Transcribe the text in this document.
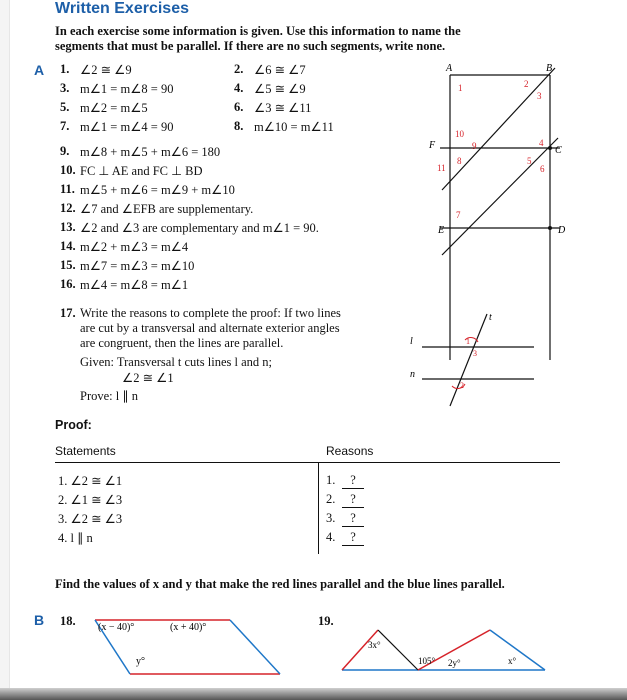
Written Exercises
In each exercise some information is given. Use this information to name the segments that must be parallel. If there are no such segments, write none.
A 1. ∠2 ≅ ∠9	2. ∠6 ≅ ∠7
3. m∠1 = m∠8 = 90	4. ∠5 ≅ ∠9
5. m∠2 = m∠5	6. ∠3 ≅ ∠11
7. m∠1 = m∠4 = 90	8. m∠10 = m∠11
9. m∠8 + m∠5 + m∠6 = 180
10. FC ⊥ AE and FC ⊥ BD
11. m∠5 + m∠6 = m∠9 + m∠10
12. ∠7 and ∠EFB are supplementary.
13. ∠2 and ∠3 are complementary and m∠1 = 90.
14. m∠2 + m∠3 = m∠4
15. m∠7 = m∠3 = m∠10
16. m∠4 = m∠8 = m∠1
17. Write the reasons to complete the proof: If two lines
are cut by a transversal and alternate exterior angles
are congruent, then the lines are parallel.
Given: Transversal t cuts lines l and n;
∠2 ≅ ∠1
Prove: l ∥ n
Proof:
Statements	Reasons
1. ∠2 ≅ ∠1	1.	?
2. ∠1 ≅ ∠3	2.	?
3. ∠2 ≅ ∠3	3.	?
4. l ∥ n	4.	?
Find the values of x and y that make the red lines parallel and the blue lines parallel.
B 18.	19.
A	B
C
D
E
F
1	2
3
4
5
6
7
8
9
10
11
t
l
n
1
3
2
(x − 40)°	(x + 40)°
y°
3x°
105° 2y°	x°
